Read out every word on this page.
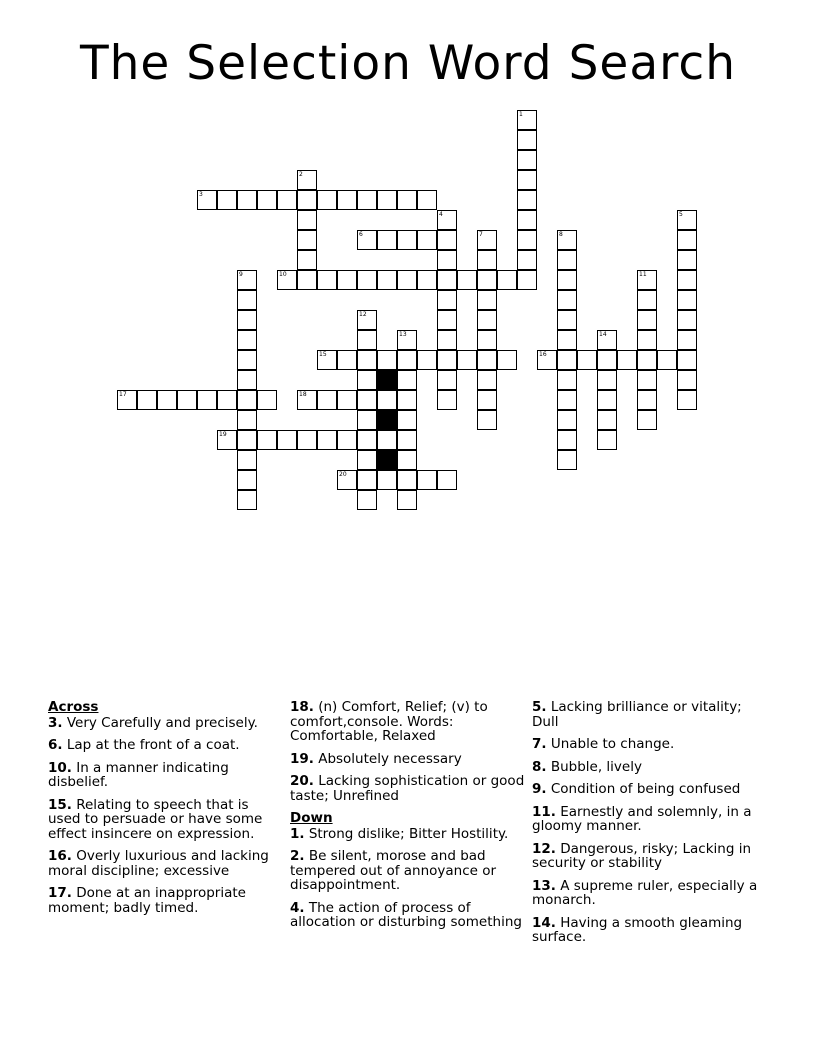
The Selection Word Search
1
2
3
4	5
6	7	8
9	10	11
12
13	14
15	16
17	18
19
20
Across
3. Very Carefully and precisely.
6. Lap at the front of a coat.
10. In a manner indicating disbelief.
15. Relating to speech that is used to persuade or have some effect insincere on expression.
16. Overly luxurious and lacking moral discipline; excessive
17. Done at an inappropriate moment; badly timed.
18. (n) Comfort, Relief; (v) to comfort,console. Words: Comfortable, Relaxed
19. Absolutely necessary
20. Lacking sophistication or good taste; Unrefined
Down
1. Strong dislike; Bitter Hostility.
2. Be silent, morose and bad tempered out of annoyance or disappointment.
4. The action of process of allocation or disturbing something
5. Lacking brilliance or vitality; Dull
7. Unable to change.
8. Bubble, lively
9. Condition of being confused
11. Earnestly and solemnly, in a gloomy manner.
12. Dangerous, risky; Lacking in security or stability
13. A supreme ruler, especially a monarch.
14. Having a smooth gleaming surface.
